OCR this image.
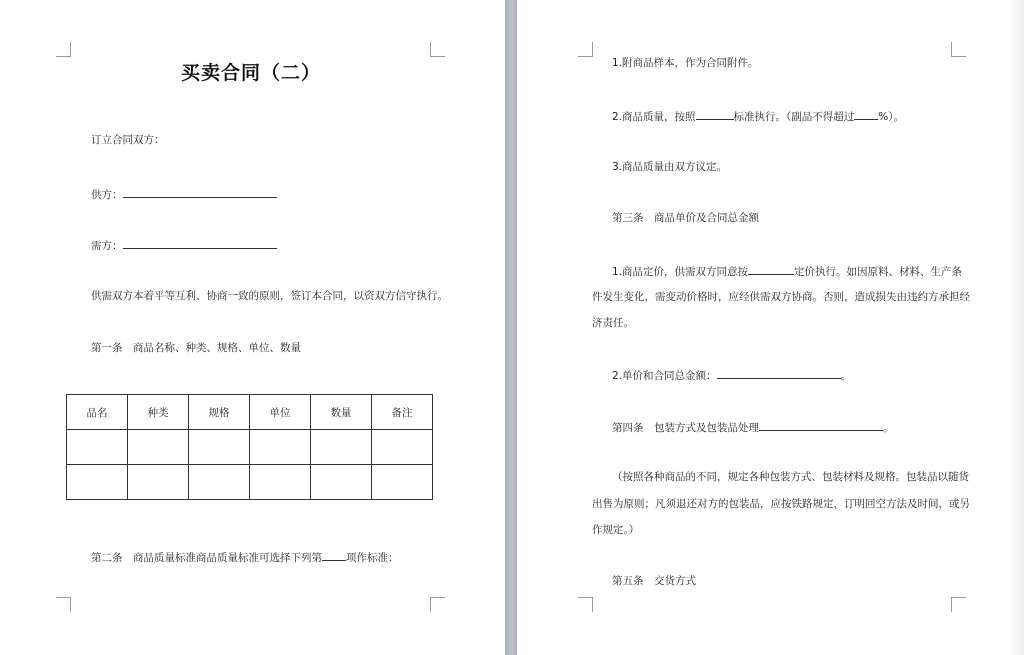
买卖合同（二）
订立合同双方：
供方：
需方：
供需双方本着平等互利、协商一致的原则，签订本合同，以资双方信守执行。
第一条　商品名称、种类、规格、单位、数量
品名	种类	规格	单位	数量	备注

第二条　商品质量标准商品质量标准可选择下列第 项作标准：
1.附商品样本，作为合同附件。
2.商品质量，按照	标准执行。（副品不得超过 %）。
3.商品质量由双方议定。
第三条　商品单价及合同总金额
1.商品定价，供需双方同意按	定价执行。如因原料、材料、生产条
件发生变化，需变动价格时，应经供需双方协商。否则，造成损失由违约方承担经
济责任。
2.单价和合同总金额：	。
第四条　包装方式及包装品处理	。
（按照各种商品的不同，规定各种包装方式、包装材料及规格。包装品以随货
出售为原则；凡须退还对方的包装品，应按铁路规定，订明回空方法及时间，或另
作规定。）
第五条　交货方式
